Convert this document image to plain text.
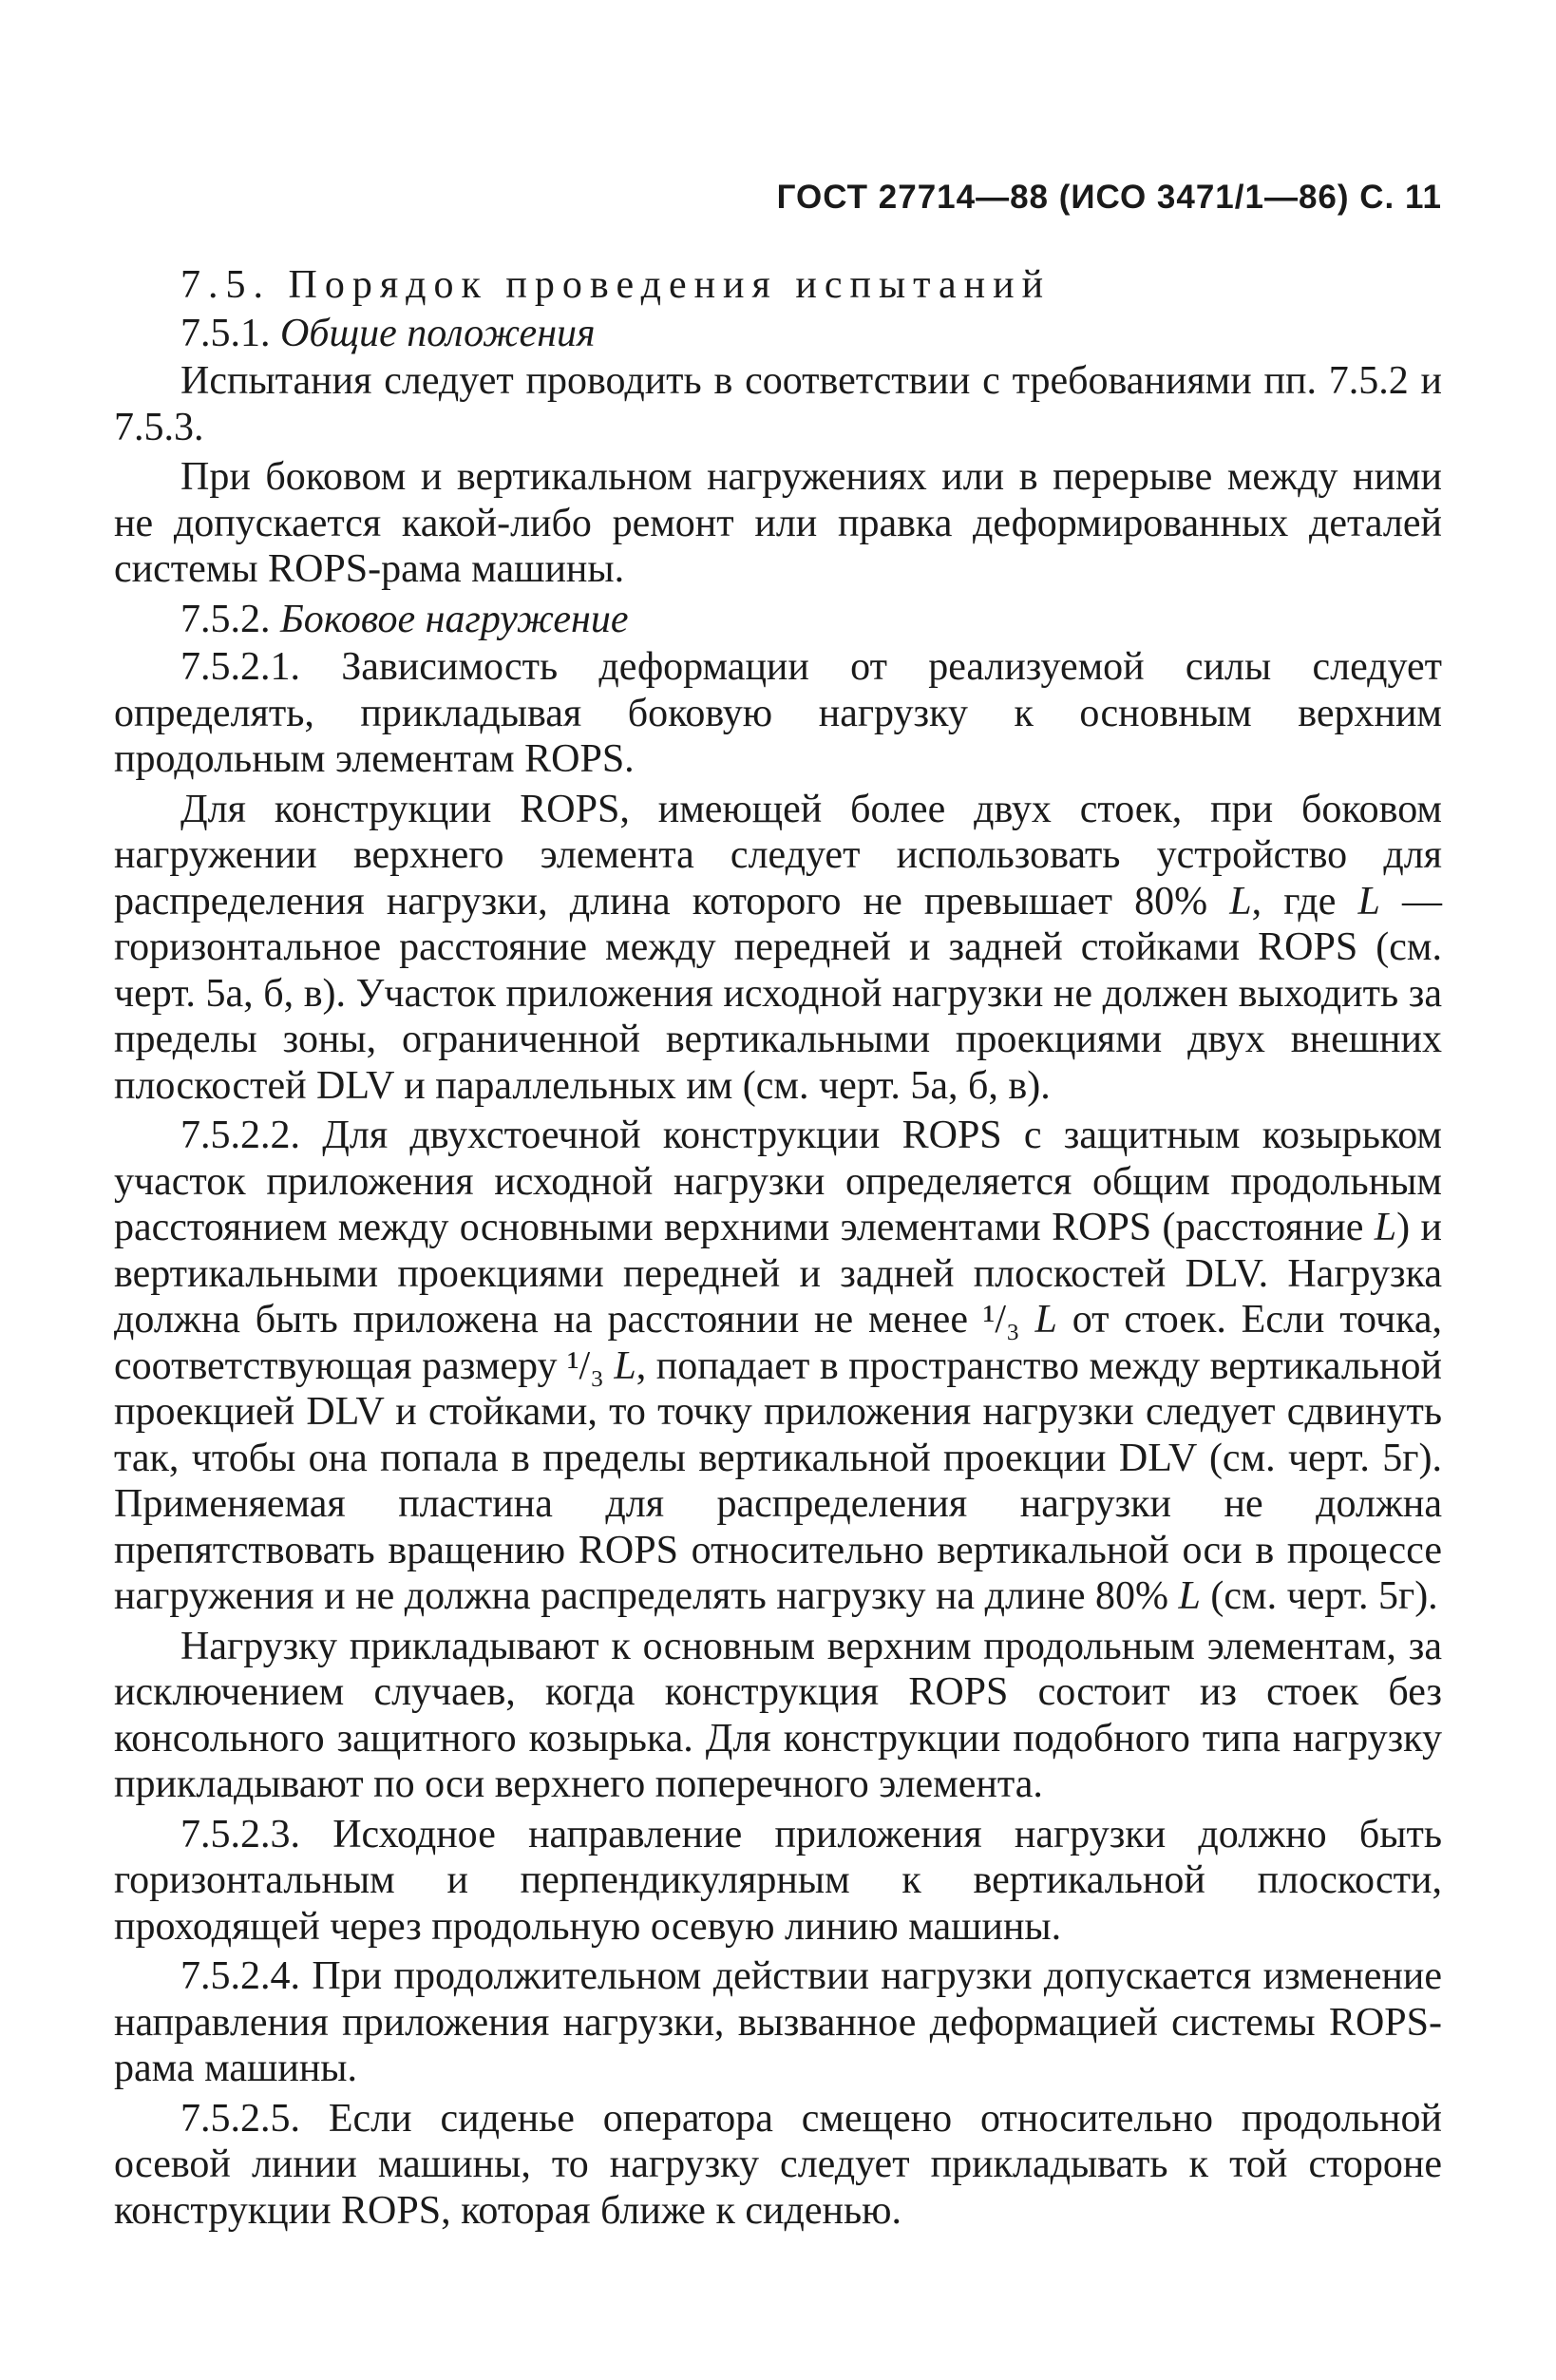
ГОСТ 27714—88 (ИСО 3471/1—86) С. 11
7.5. Порядок проведения испытаний
7.5.1. Общие положения

Испытания следует проводить в соответствии с требованиями пп. 7.5.2 и 7.5.3.

При боковом и вертикальном нагружениях или в перерыве между ними не допускается какой-либо ремонт или правка деформированных деталей системы ROPS-рама машины.

7.5.2. Боковое нагружение

7.5.2.1. Зависимость деформации от реализуемой силы следует определять, прикладывая боковую нагрузку к основным верхним продольным элементам ROPS.

Для конструкции ROPS, имеющей более двух стоек, при боковом нагружении верхнего элемента следует использовать устройство для распределения нагрузки, длина которого не превышает 80% L, где L — горизонтальное расстояние между передней и задней стойками ROPS (см. черт. 5а, б, в). Участок приложения исходной нагрузки не должен выходить за пределы зоны, ограниченной вертикальными проекциями двух внешних плоскостей DLV и параллельных им (см. черт. 5а, б, в).

7.5.2.2. Для двухстоечной конструкции ROPS с защитным козырьком участок приложения исходной нагрузки определяется общим продольным расстоянием между основными верхними элементами ROPS (расстояние L) и вертикальными проекциями передней и задней плоскостей DLV. Нагрузка должна быть приложена на расстоянии не менее ¹/₃ L от стоек. Если точка, соответствующая размеру ¹/₃ L, попадает в пространство между вертикальной проекцией DLV и стойками, то точку приложения нагрузки следует сдвинуть так, чтобы она попала в пределы вертикальной проекции DLV (см. черт. 5г). Применяемая пластина для распределения нагрузки не должна препятствовать вращению ROPS относительно вертикальной оси в процессе нагружения и не должна распределять нагрузку на длине 80% L (см. черт. 5г).

Нагрузку прикладывают к основным верхним продольным элементам, за исключением случаев, когда конструкция ROPS состоит из стоек без консольного защитного козырька. Для конструкции подобного типа нагрузку прикладывают по оси верхнего поперечного элемента.

7.5.2.3. Исходное направление приложения нагрузки должно быть горизонтальным и перпендикулярным к вертикальной плоскости, проходящей через продольную осевую линию машины.

7.5.2.4. При продолжительном действии нагрузки допускается изменение направления приложения нагрузки, вызванное деформацией системы ROPS-рама машины.

7.5.2.5. Если сиденье оператора смещено относительно продольной осевой линии машины, то нагрузку следует прикладывать к той стороне конструкции ROPS, которая ближе к сиденью.
